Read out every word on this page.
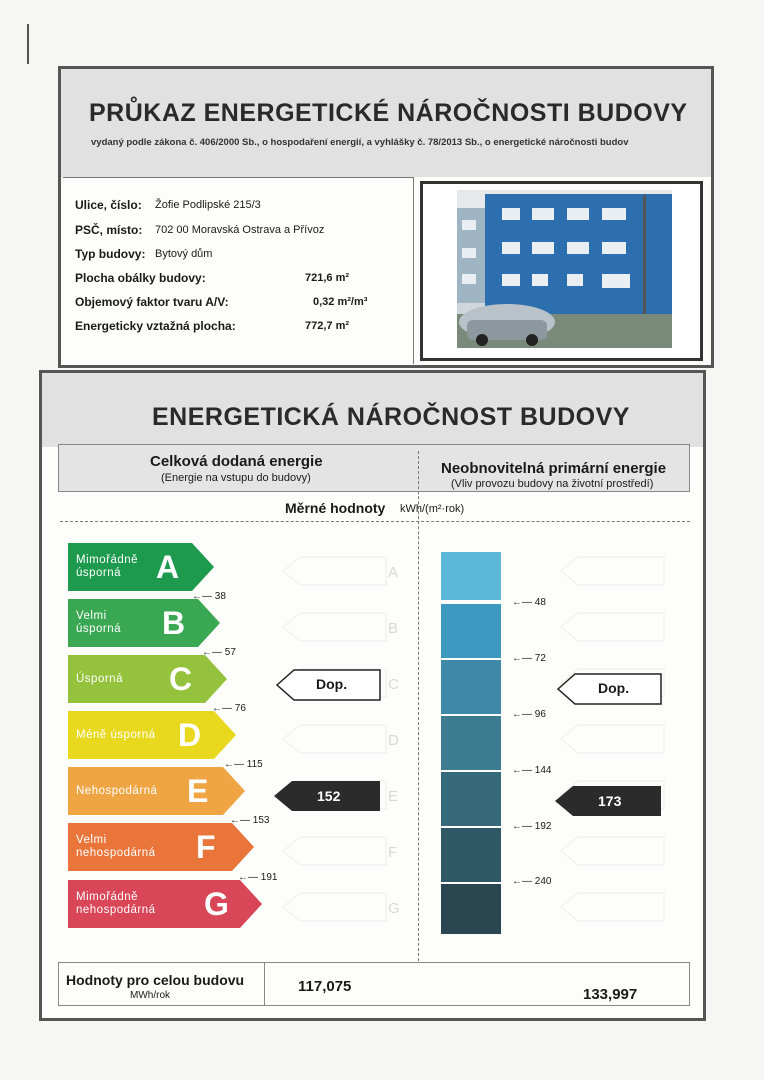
PRŮKAZ ENERGETICKÉ NÁROČNOSTI BUDOVY
vydaný podle zákona č. 406/2000 Sb., o hospodaření energií, a vyhlášky č. 78/2013 Sb., o energetické náročnosti budov
Ulice, číslo: Žofie Podlipské 215/3
PSČ, místo: 702 00 Moravská Ostrava a Přívoz
Typ budovy: Bytový dům
Plocha obálky budovy:	721,6 m²
Objemový faktor tvaru A/V:	0,32 m²/m³
Energeticky vztažná plocha:	772,7 m²
ENERGETICKÁ NÁROČNOST BUDOVY
Celková dodaná energie
(Energie na vstupu do budovy)
Neobnovitelná primární energie
(Vliv provozu budovy na životní prostředí)
Měrné hodnoty kWh/(m²·rok)
Mimořádně
úsporná	A
Velmi
úsporná B
Úsporná C
Méně úsporná D
Nehospodárná E
Velmi
nehospodárná F
Mimořádně
nehospodárná G
←— 38
←— 57
←— 76
←— 115
←— 153
←— 191
←— 48
←— 72
←— 96
←— 144
←— 192
←— 240
A
B
C
D
E
F
G
Dop.	Dop.
152	173
Hodnoty pro celou budovu
MWh/rok
117,075	133,997
